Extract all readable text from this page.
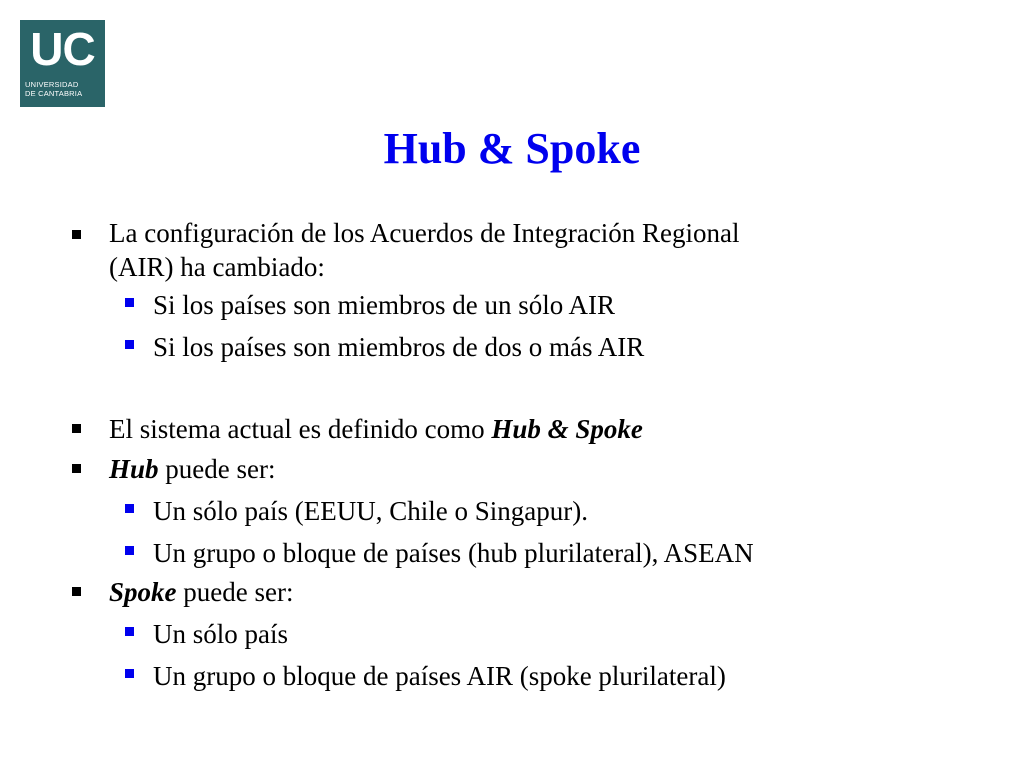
UC
UNIVERSIDAD
DE CANTABRIA
Hub & Spoke
La configuración de los Acuerdos de Integración Regional
(AIR) ha cambiado:
Si los países son miembros de un sólo AIR
Si los países son miembros de dos o más AIR
El sistema actual es definido como Hub & Spoke
Hub puede ser:
Un sólo país (EEUU, Chile o Singapur).
Un grupo o bloque de países (hub plurilateral), ASEAN
Spoke puede ser:
Un sólo país
Un grupo o bloque de países AIR (spoke plurilateral)
